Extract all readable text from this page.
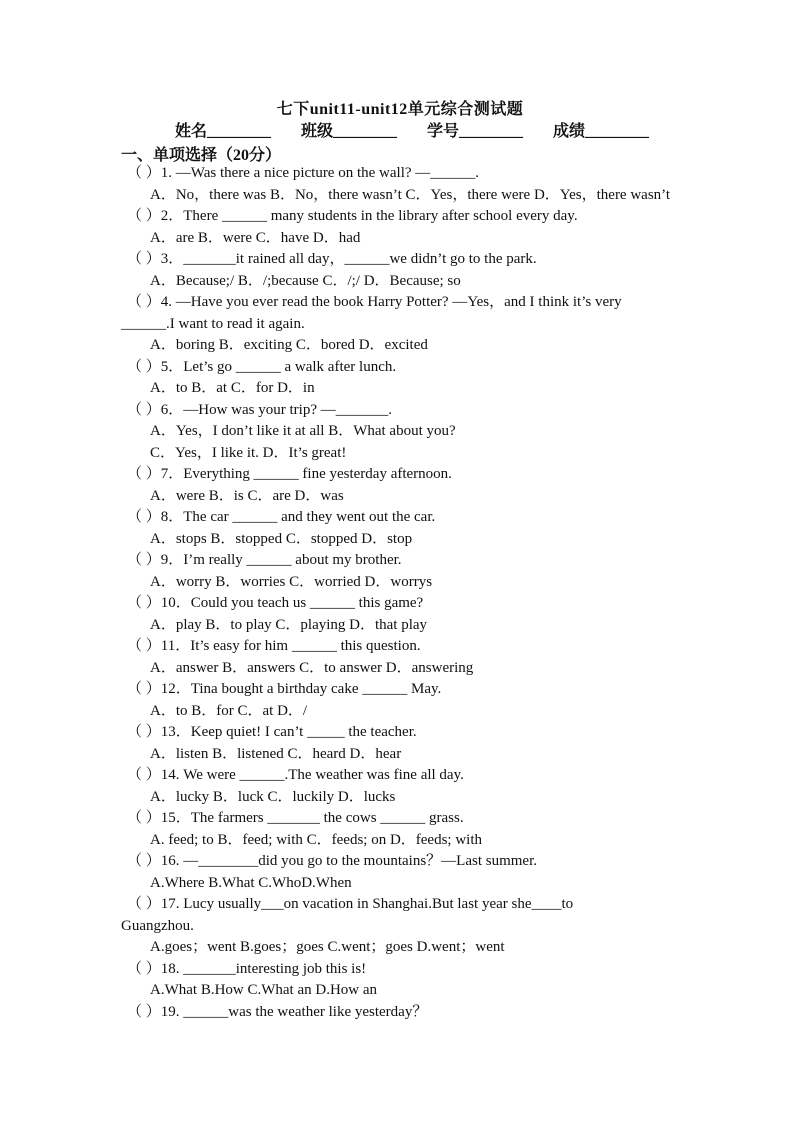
七下unit11-unit12单元综合测试题
姓名________ 班级________ 学号________ 成绩________
一、单项选择（20分）
（ ）1. —Was there a nice picture on the wall? —______.
A．No，there was B．No，there wasn’t C．Yes，there were D．Yes，there wasn’t
（ ）2．There ______ many students in the library after school every day.
A．are B．were C．have D．had
（ ）3．_______it rained all day，______we didn’t go to the park.
A．Because;/ B．/;because C．/;/ D．Because; so
（ ）4. —Have you ever read the book Harry Potter? —Yes，and I think it’s very
______.I want to read it again.
A．boring B．exciting C．bored D．excited
（ ）5．Let’s go ______ a walk after lunch.
A．to B．at C．for D．in
（ ）6．—How was your trip? —_______.
A．Yes，I don’t like it at all B．What about you?
C．Yes，I like it. D．It’s great!
（ ）7．Everything ______ fine yesterday afternoon.
A．were B．is C．are D．was
（ ）8．The car ______ and they went out the car.
A．stops B．stopped C．stopped D．stop
（ ）9．I’m really ______ about my brother.
A．worry B．worries C．worried D．worrys
（ ）10．Could you teach us ______ this game?
A．play B．to play C．playing D．that play
（ ）11．It’s easy for him ______ this question.
A．answer B．answers C．to answer D．answering
（ ）12．Tina bought a birthday cake ______ May.
A．to B．for C．at D．/
（ ）13．Keep quiet! I can’t _____ the teacher.
A．listen B．listened C．heard D．hear
（ ）14. We were ______.The weather was fine all day.
A．lucky B．luck C．luckily D．lucks
（ ）15．The farmers _______ the cows ______ grass.
A. feed; to B．feed; with C．feeds; on D．feeds; with
（ ）16. —________did you go to the mountains？—Last summer.
A.Where B.What C.WhoD.When
（ ）17. Lucy usually___on vacation in Shanghai.But last year she____to
Guangzhou.
A.goes；went B.goes；goes C.went；goes D.went；went
（ ）18. _______interesting job this is!
A.What B.How C.What an D.How an
（ ）19. ______was the weather like yesterday？
